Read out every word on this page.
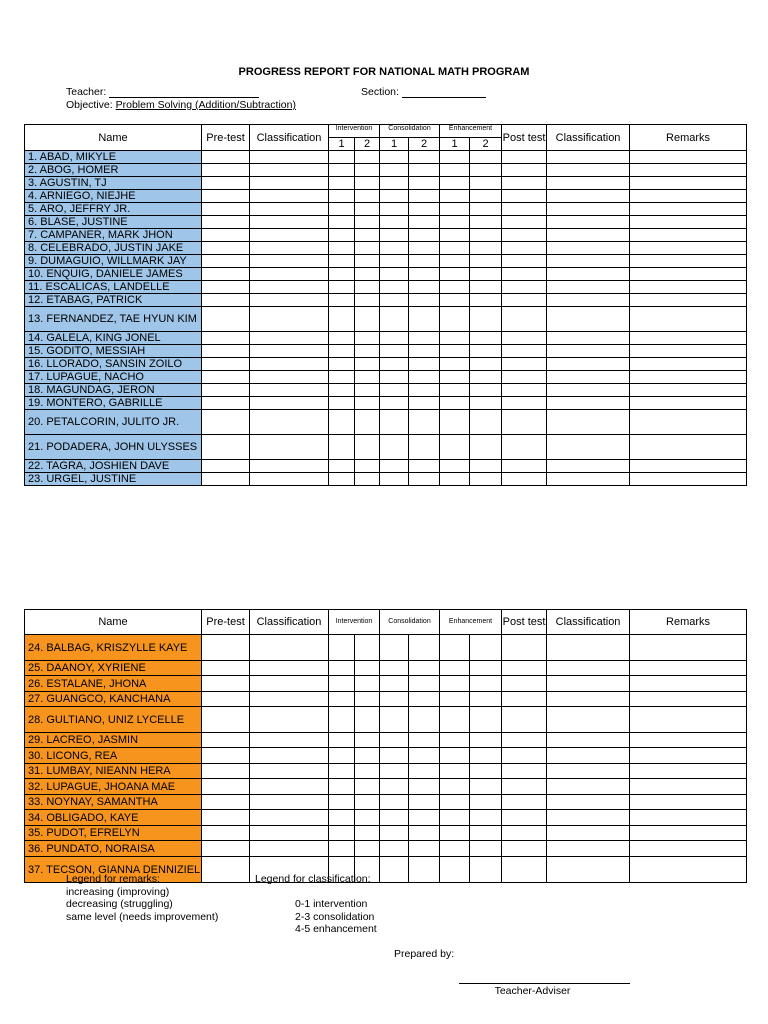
PROGRESS REPORT FOR NATIONAL MATH PROGRAM
Teacher:	Section:
Objective: Problem Solving (Addition/Subtraction)
Name	Pre-test	Classification	Intervention		Consolidation		Enhancement		Post test	Classification	Remarks
			1	2	1	2	1	2			
1. ABAD, MIKYLE											
2. ABOG, HOMER											
3. AGUSTIN, TJ											
4. ARNIEGO, NIEJHE											
5. ARO, JEFFRY JR.											
6. BLASE, JUSTINE											
7. CAMPANER, MARK JHON											
8. CELEBRADO, JUSTIN JAKE											
9. DUMAGUIO, WILLMARK JAY											
10. ENQUIG, DANIELE JAMES											
11. ESCALICAS, LANDELLE											
12. ETABAG, PATRICK											
13. FERNANDEZ, TAE HYUN KIM											
14. GALELA, KING JONEL											
15. GODITO, MESSIAH											
16. LLORADO, SANSIN ZOILO											
17. LUPAGUE, NACHO											
18. MAGUNDAG, JERON											
19. MONTERO, GABRILLE											
20. PETALCORIN, JULITO JR.											
21. PODADERA, JOHN ULYSSES											
22. TAGRA, JOSHIEN DAVE											
23. URGEL, JUSTINE											
Name	Pre-test	Classification	Intervention		Consolidation		Enhancement		Post test	Classification	Remarks
24. BALBAG, KRISZYLLE KAYE											
25. DAANOY, XYRIENE											
26. ESTALANE, JHONA											
27. GUANGCO, KANCHANA											
28. GULTIANO, UNIZ LYCELLE											
29. LACREO, JASMIN											
30. LICONG, REA											
31. LUMBAY, NIEANN HERA											
32. LUPAGUE, JHOANA MAE											
33. NOYNAY, SAMANTHA											
34. OBLIGADO, KAYE											
35. PUDOT, EFRELYN											
36. PUNDATO, NORAISA											
37. TECSON, GIANNA DENNIZIEL											
Legend for remarks:
increasing (improving)
decreasing (struggling)
same level (needs improvement)
Legend for classification:
0-1 intervention
2-3 consolidation
4-5 enhancement
Prepared by:
Teacher-Adviser
